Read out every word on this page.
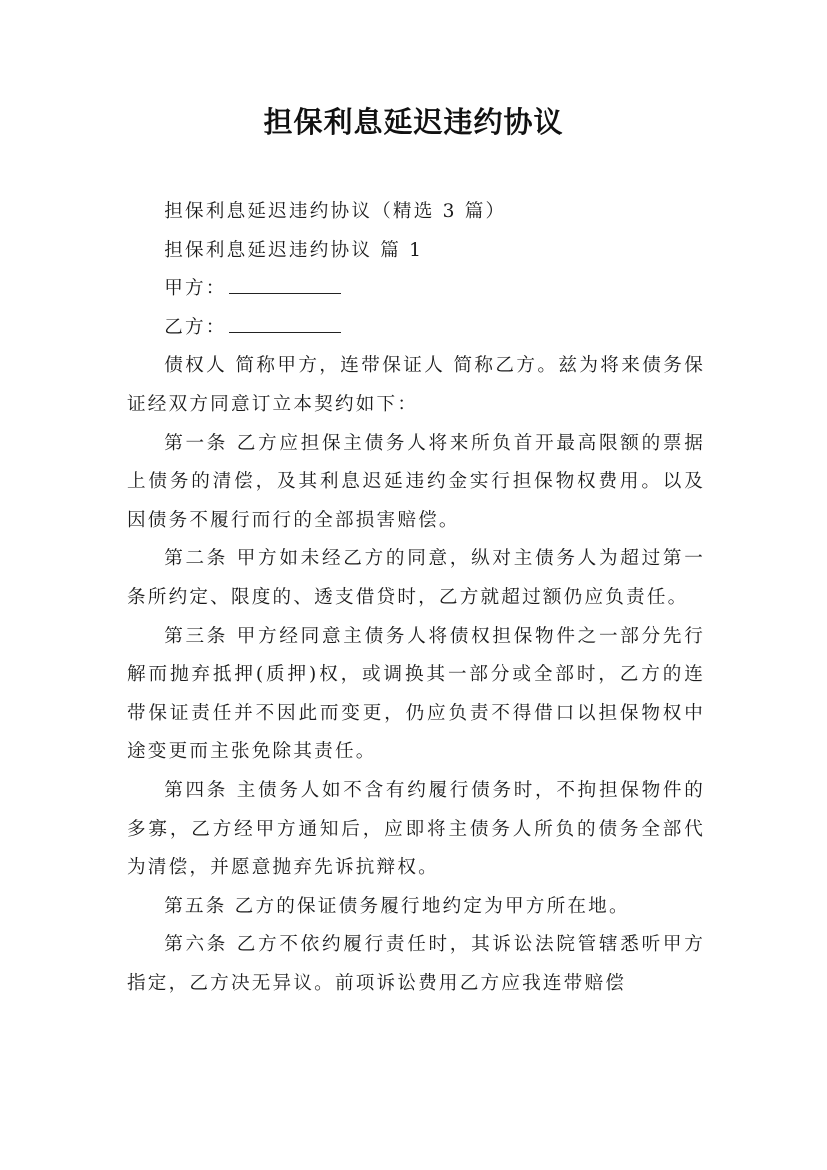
担保利息延迟违约协议

担保利息延迟违约协议（精选 3 篇）

担保利息延迟违约协议 篇 1

甲方：

乙方：

债权人 简称甲方，连带保证人 简称乙方。兹为将来债务保证经双方同意订立本契约如下：

第一条 乙方应担保主债务人将来所负首开最高限额的票据上债务的清偿，及其利息迟延违约金实行担保物权费用。以及因债务不履行而行的全部损害赔偿。

第二条 甲方如未经乙方的同意，纵对主债务人为超过第一条所约定、限度的、透支借贷时，乙方就超过额仍应负责任。

第三条 甲方经同意主债务人将债权担保物件之一部分先行解而抛弃抵押(质押)权，或调换其一部分或全部时，乙方的连带保证责任并不因此而变更，仍应负责不得借口以担保物权中途变更而主张免除其责任。

第四条 主债务人如不含有约履行债务时，不拘担保物件的多寡，乙方经甲方通知后，应即将主债务人所负的债务全部代为清偿，并愿意抛弃先诉抗辩权。

第五条 乙方的保证债务履行地约定为甲方所在地。

第六条 乙方不依约履行责任时，其诉讼法院管辖悉听甲方指定，乙方决无异议。前项诉讼费用乙方应我连带赔偿
